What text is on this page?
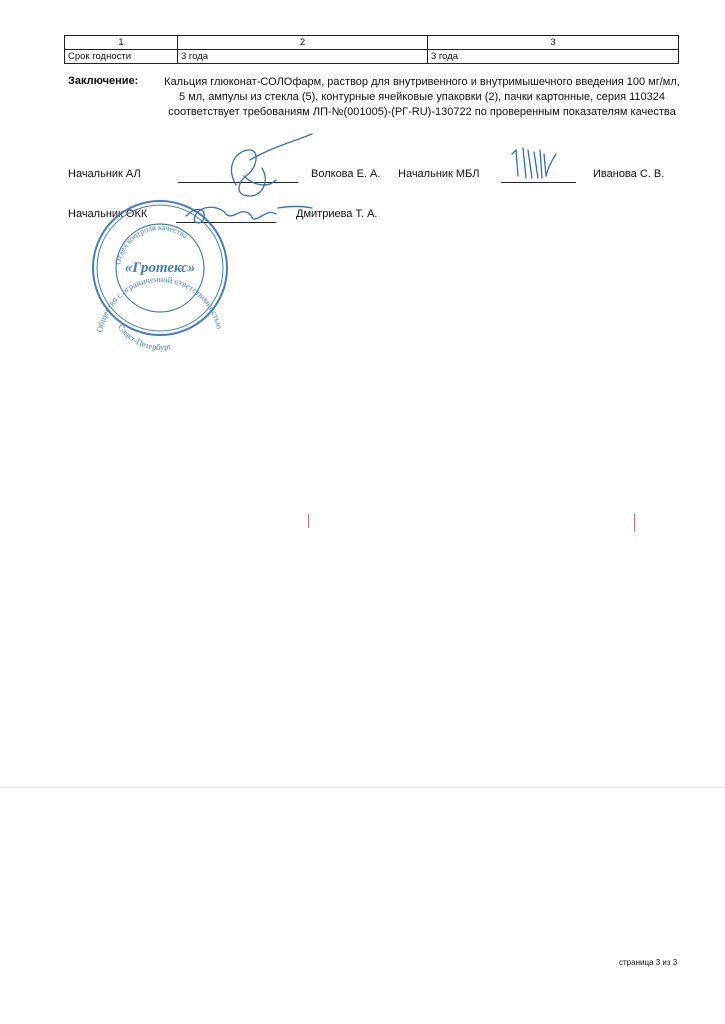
1	2	3
Срок годности	3 года	3 года
Заключение: Кальция глюконат-СОЛОфарм, раствор для внутривенного и внутримышечного введения 100 мг/мл, 5 мл, ампулы из стекла (5), контурные ячейковые упаковки (2), пачки картонные, серия 110324 соответствует требованиям ЛП-№(001005)-(РГ-RU)-130722 по проверенным показателям качества
Начальник АЛ	Волкова Е. А. Начальник МБЛ	Иванова С. В.
Начальник ОКК	Дмитриева Т. А.
Общество с ограниченной ответственностью
Отдел контроля качества
«Гротекс»
Санкт-Петербург
страница 3 из 3
